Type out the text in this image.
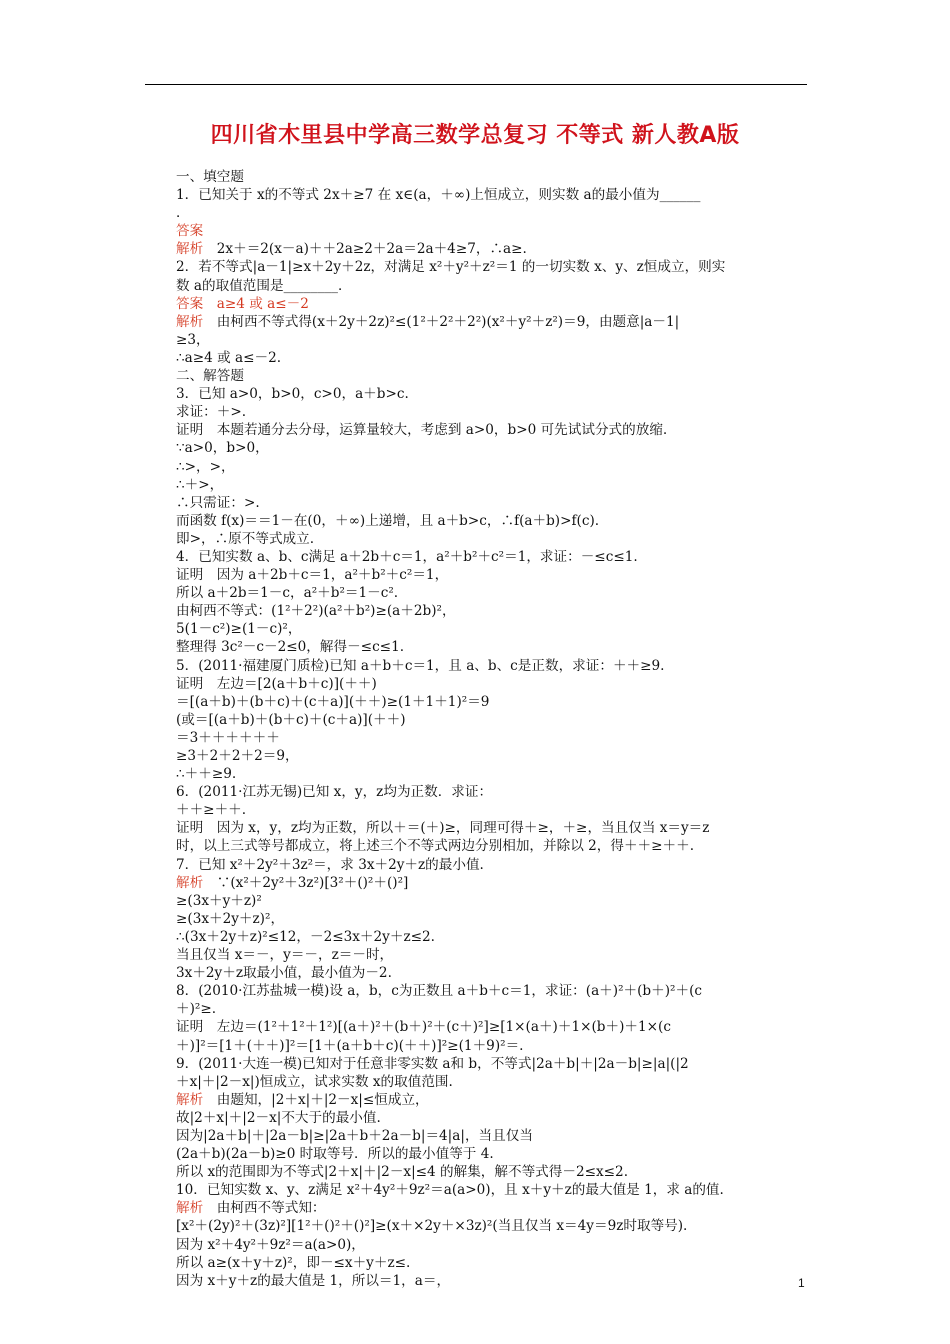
四川省木里县中学高三数学总复习 不等式 新人教A版
一、填空题
1．已知关于 x的不等式 2x＋≥7 在 x∈(a，＋∞)上恒成立，则实数 a的最小值为______
．
答案
解析　2x＋＝2(x－a)＋＋2a≥2＋2a＝2a＋4≥7，∴a≥.
2．若不等式|a－1|≥x＋2y＋2z，对满足 x²＋y²＋z²＝1 的一切实数 x、y、z恒成立，则实
数 a的取值范围是________．
答案　a≥4 或 a≤－2
解析　由柯西不等式得(x＋2y＋2z)²≤(1²＋2²＋2²)(x²＋y²＋z²)＝9，由题意|a－1|
≥3，
∴a≥4 或 a≤－2.
二、解答题
3．已知 a>0，b>0，c>0，a＋b>c.
求证：＋>.
证明　本题若通分去分母，运算量较大，考虑到 a>0，b>0 可先试试分式的放缩.
∵a>0，b>0，
∴>，>，
∴＋>，
∴只需证：>.
而函数 f(x)＝＝1－在(0，＋∞)上递增，且 a＋b>c，∴f(a＋b)>f(c).
即>，∴原不等式成立.
4．已知实数 a、b、c满足 a＋2b＋c＝1，a²＋b²＋c²＝1，求证：－≤c≤1.
证明　因为 a＋2b＋c＝1，a²＋b²＋c²＝1，
所以 a＋2b＝1－c，a²＋b²＝1－c².
由柯西不等式：(1²＋2²)(a²＋b²)≥(a＋2b)²，
5(1－c²)≥(1－c)²，
整理得 3c²－c－2≤0，解得－≤c≤1.
5．(2011·福建厦门质检)已知 a＋b＋c＝1，且 a、b、c是正数，求证：＋＋≥9.
证明　左边＝[2(a＋b＋c)](＋＋)
＝[(a＋b)＋(b＋c)＋(c＋a)](＋＋)≥(1＋1＋1)²＝9
(或＝[(a＋b)＋(b＋c)＋(c＋a)](＋＋)
＝3＋＋＋＋＋＋
≥3＋2＋2＋2＝9，
∴＋＋≥9.
6．(2011·江苏无锡)已知 x，y，z均为正数．求证：
＋＋≥＋＋.
证明　因为 x，y，z均为正数，所以＋＝(＋)≥，同理可得＋≥，＋≥，当且仅当 x＝y＝z
时，以上三式等号都成立，将上述三个不等式两边分别相加，并除以 2，得＋＋≥＋＋.
7．已知 x²＋2y²＋3z²＝，求 3x＋2y＋z的最小值.
解析　∵(x²＋2y²＋3z²)[3²＋()²＋()²]
≥(3x＋y＋z)²
≥(3x＋2y＋z)²，
∴(3x＋2y＋z)²≤12，－2≤3x＋2y＋z≤2.
当且仅当 x＝－，y＝－，z＝－时，
3x＋2y＋z取最小值，最小值为－2.
8．(2010·江苏盐城一模)设 a，b，c为正数且 a＋b＋c＝1，求证：(a＋)²＋(b＋)²＋(c
＋)²≥.
证明　左边＝(1²＋1²＋1²)[(a＋)²＋(b＋)²＋(c＋)²]≥[1×(a＋)＋1×(b＋)＋1×(c
＋)]²＝[1＋(＋＋)]²＝[1＋(a＋b＋c)(＋＋)]²≥(1＋9)²＝.
9．(2011·大连一模)已知对于任意非零实数 a和 b，不等式|2a＋b|＋|2a－b|≥|a|(|2
＋x|＋|2－x|)恒成立，试求实数 x的取值范围.
解析　由题知，|2＋x|＋|2－x|≤恒成立，
故|2＋x|＋|2－x|不大于的最小值.
因为|2a＋b|＋|2a－b|≥|2a＋b＋2a－b|＝4|a|，当且仅当
(2a＋b)(2a－b)≥0 时取等号．所以的最小值等于 4.
所以 x的范围即为不等式|2＋x|＋|2－x|≤4 的解集，解不等式得－2≤x≤2.
10．已知实数 x、y、z满足 x²＋4y²＋9z²＝a(a>0)，且 x＋y＋z的最大值是 1，求 a的值.
解析　由柯西不等式知：
[x²＋(2y)²＋(3z)²][1²＋()²＋()²]≥(x＋×2y＋×3z)²(当且仅当 x＝4y＝9z时取等号).
因为 x²＋4y²＋9z²＝a(a>0)，
所以 a≥(x＋y＋z)²，即－≤x＋y＋z≤.
因为 x＋y＋z的最大值是 1，所以＝1，a＝，	1
